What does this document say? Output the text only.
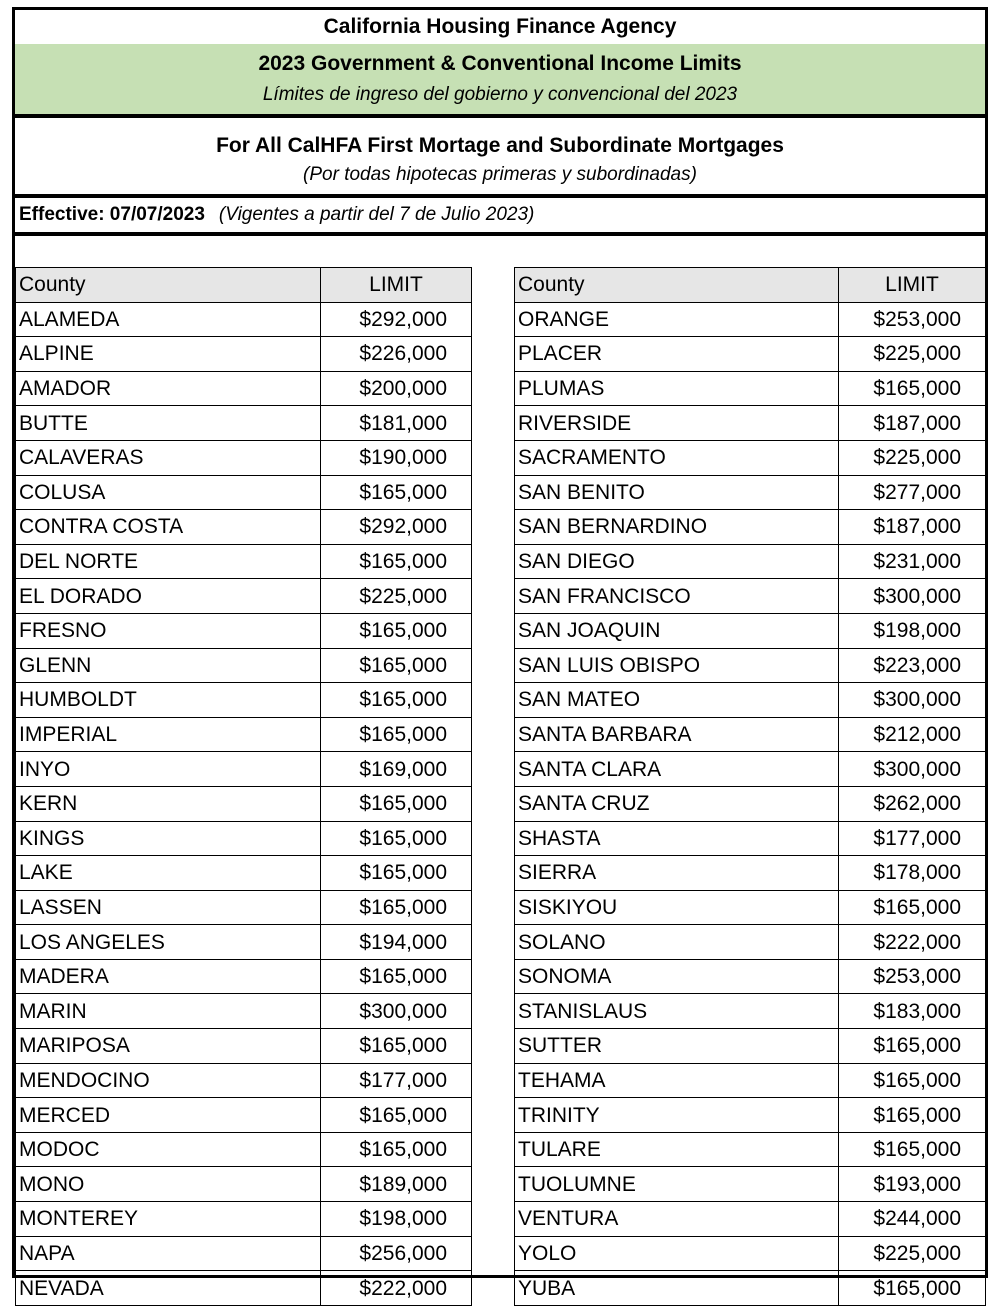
California Housing Finance Agency
2023 Government & Conventional Income Limits
Límites de ingreso del gobierno y convencional del 2023
For All CalHFA First Mortage and Subordinate Mortgages
(Por todas hipotecas primeras y subordinadas)
Effective: 07/07/2023 (Vigentes a partir del 7 de Julio 2023)
County	LIMIT
ALAMEDA	$292,000
ALPINE	$226,000
AMADOR	$200,000
BUTTE	$181,000
CALAVERAS	$190,000
COLUSA	$165,000
CONTRA COSTA	$292,000
DEL NORTE	$165,000
EL DORADO	$225,000
FRESNO	$165,000
GLENN	$165,000
HUMBOLDT	$165,000
IMPERIAL	$165,000
INYO	$169,000
KERN	$165,000
KINGS	$165,000
LAKE	$165,000
LASSEN	$165,000
LOS ANGELES	$194,000
MADERA	$165,000
MARIN	$300,000
MARIPOSA	$165,000
MENDOCINO	$177,000
MERCED	$165,000
MODOC	$165,000
MONO	$189,000
MONTEREY	$198,000
NAPA	$256,000
NEVADA	$222,000
County	LIMIT
ORANGE	$253,000
PLACER	$225,000
PLUMAS	$165,000
RIVERSIDE	$187,000
SACRAMENTO	$225,000
SAN BENITO	$277,000
SAN BERNARDINO	$187,000
SAN DIEGO	$231,000
SAN FRANCISCO	$300,000
SAN JOAQUIN	$198,000
SAN LUIS OBISPO	$223,000
SAN MATEO	$300,000
SANTA BARBARA	$212,000
SANTA CLARA	$300,000
SANTA CRUZ	$262,000
SHASTA	$177,000
SIERRA	$178,000
SISKIYOU	$165,000
SOLANO	$222,000
SONOMA	$253,000
STANISLAUS	$183,000
SUTTER	$165,000
TEHAMA	$165,000
TRINITY	$165,000
TULARE	$165,000
TUOLUMNE	$193,000
VENTURA	$244,000
YOLO	$225,000
YUBA	$165,000
